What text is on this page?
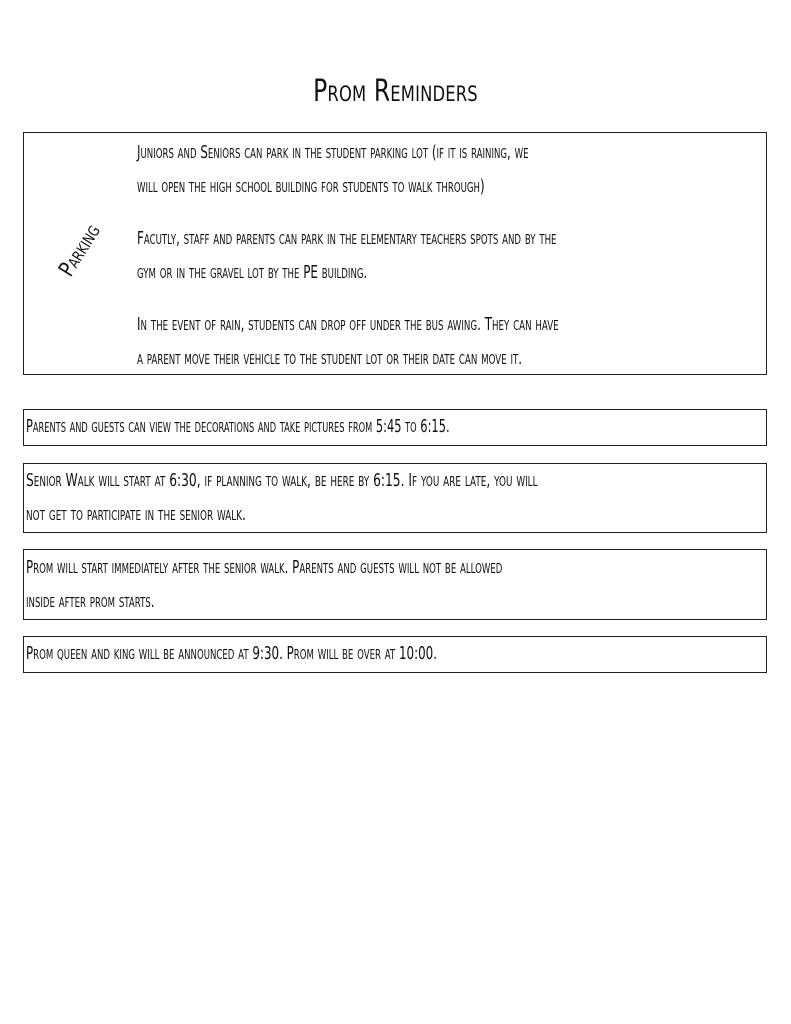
Prom Reminders
Parking
Juniors and Seniors can park in the student parking lot (if it is raining, we
will open the high school building for students to walk through)
Facutly, staff and parents can park in the elementary teachers spots and by the
gym or in the gravel lot by the PE building.
In the event of rain, students can drop off under the bus awing. They can have
a parent move their vehicle to the student lot or their date can move it.
Parents and guests can view the decorations and take pictures from 5:45 to 6:15.
Senior Walk will start at 6:30, if planning to walk, be here by 6:15. If you are late, you will
not get to participate in the senior walk.
Prom will start immediately after the senior walk. Parents and guests will not be allowed
inside after prom starts.
Prom queen and king will be announced at 9:30. Prom will be over at 10:00.
